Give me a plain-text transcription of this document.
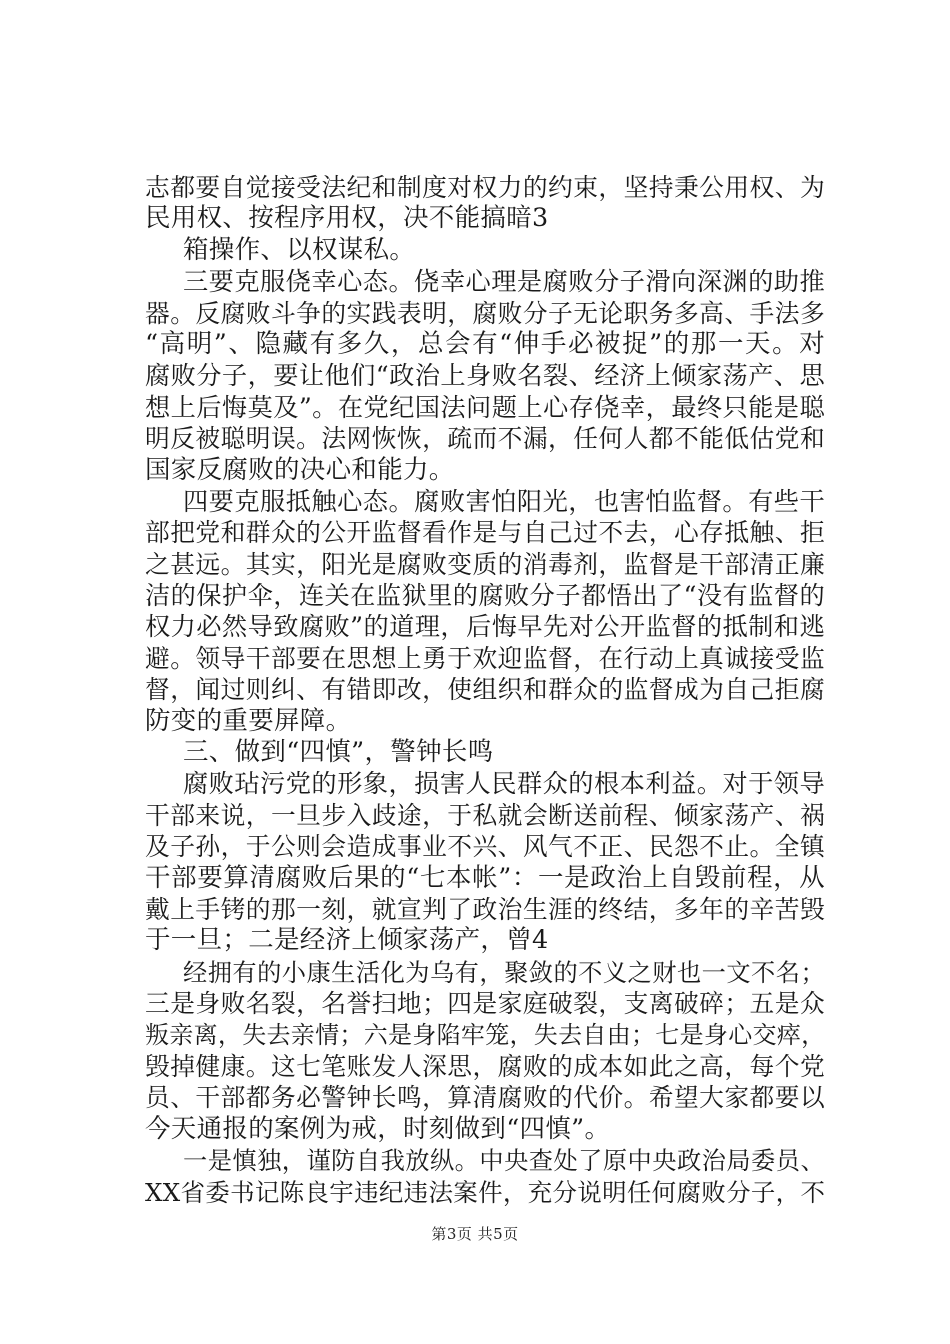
志都要自觉接受法纪和制度对权力的约束，坚持秉公用权、为
民用权、按程序用权，决不能搞暗3
箱操作、以权谋私。
三要克服侥幸心态。侥幸心理是腐败分子滑向深渊的助推
器。反腐败斗争的实践表明，腐败分子无论职务多高、手法多
“高明”、隐藏有多久，总会有“伸手必被捉”的那一天。对
腐败分子，要让他们“政治上身败名裂、经济上倾家荡产、思
想上后悔莫及”。在党纪国法问题上心存侥幸，最终只能是聪
明反被聪明误。法网恢恢，疏而不漏，任何人都不能低估党和
国家反腐败的决心和能力。
四要克服抵触心态。腐败害怕阳光，也害怕监督。有些干
部把党和群众的公开监督看作是与自己过不去，心存抵触、拒
之甚远。其实，阳光是腐败变质的消毒剂，监督是干部清正廉
洁的保护伞，连关在监狱里的腐败分子都悟出了“没有监督的
权力必然导致腐败”的道理，后悔早先对公开监督的抵制和逃
避。领导干部要在思想上勇于欢迎监督，在行动上真诚接受监
督，闻过则纠、有错即改，使组织和群众的监督成为自己拒腐
防变的重要屏障。
三、做到“四慎”，警钟长鸣
腐败玷污党的形象，损害人民群众的根本利益。对于领导
干部来说，一旦步入歧途，于私就会断送前程、倾家荡产、祸
及子孙，于公则会造成事业不兴、风气不正、民怨不止。全镇
干部要算清腐败后果的“七本帐”：一是政治上自毁前程，从
戴上手铐的那一刻，就宣判了政治生涯的终结，多年的辛苦毁
于一旦；二是经济上倾家荡产，曾4
经拥有的小康生活化为乌有，聚敛的不义之财也一文不名；
三是身败名裂，名誉扫地；四是家庭破裂，支离破碎；五是众
叛亲离，失去亲情；六是身陷牢笼，失去自由；七是身心交瘁，
毁掉健康。这七笔账发人深思，腐败的成本如此之高，每个党
员、干部都务必警钟长鸣，算清腐败的代价。希望大家都要以
今天通报的案例为戒，时刻做到“四慎”。
一是慎独，谨防自我放纵。中央查处了原中央政治局委员、
XX省委书记陈良宇违纪违法案件，充分说明任何腐败分子，不
第3页 共5页
